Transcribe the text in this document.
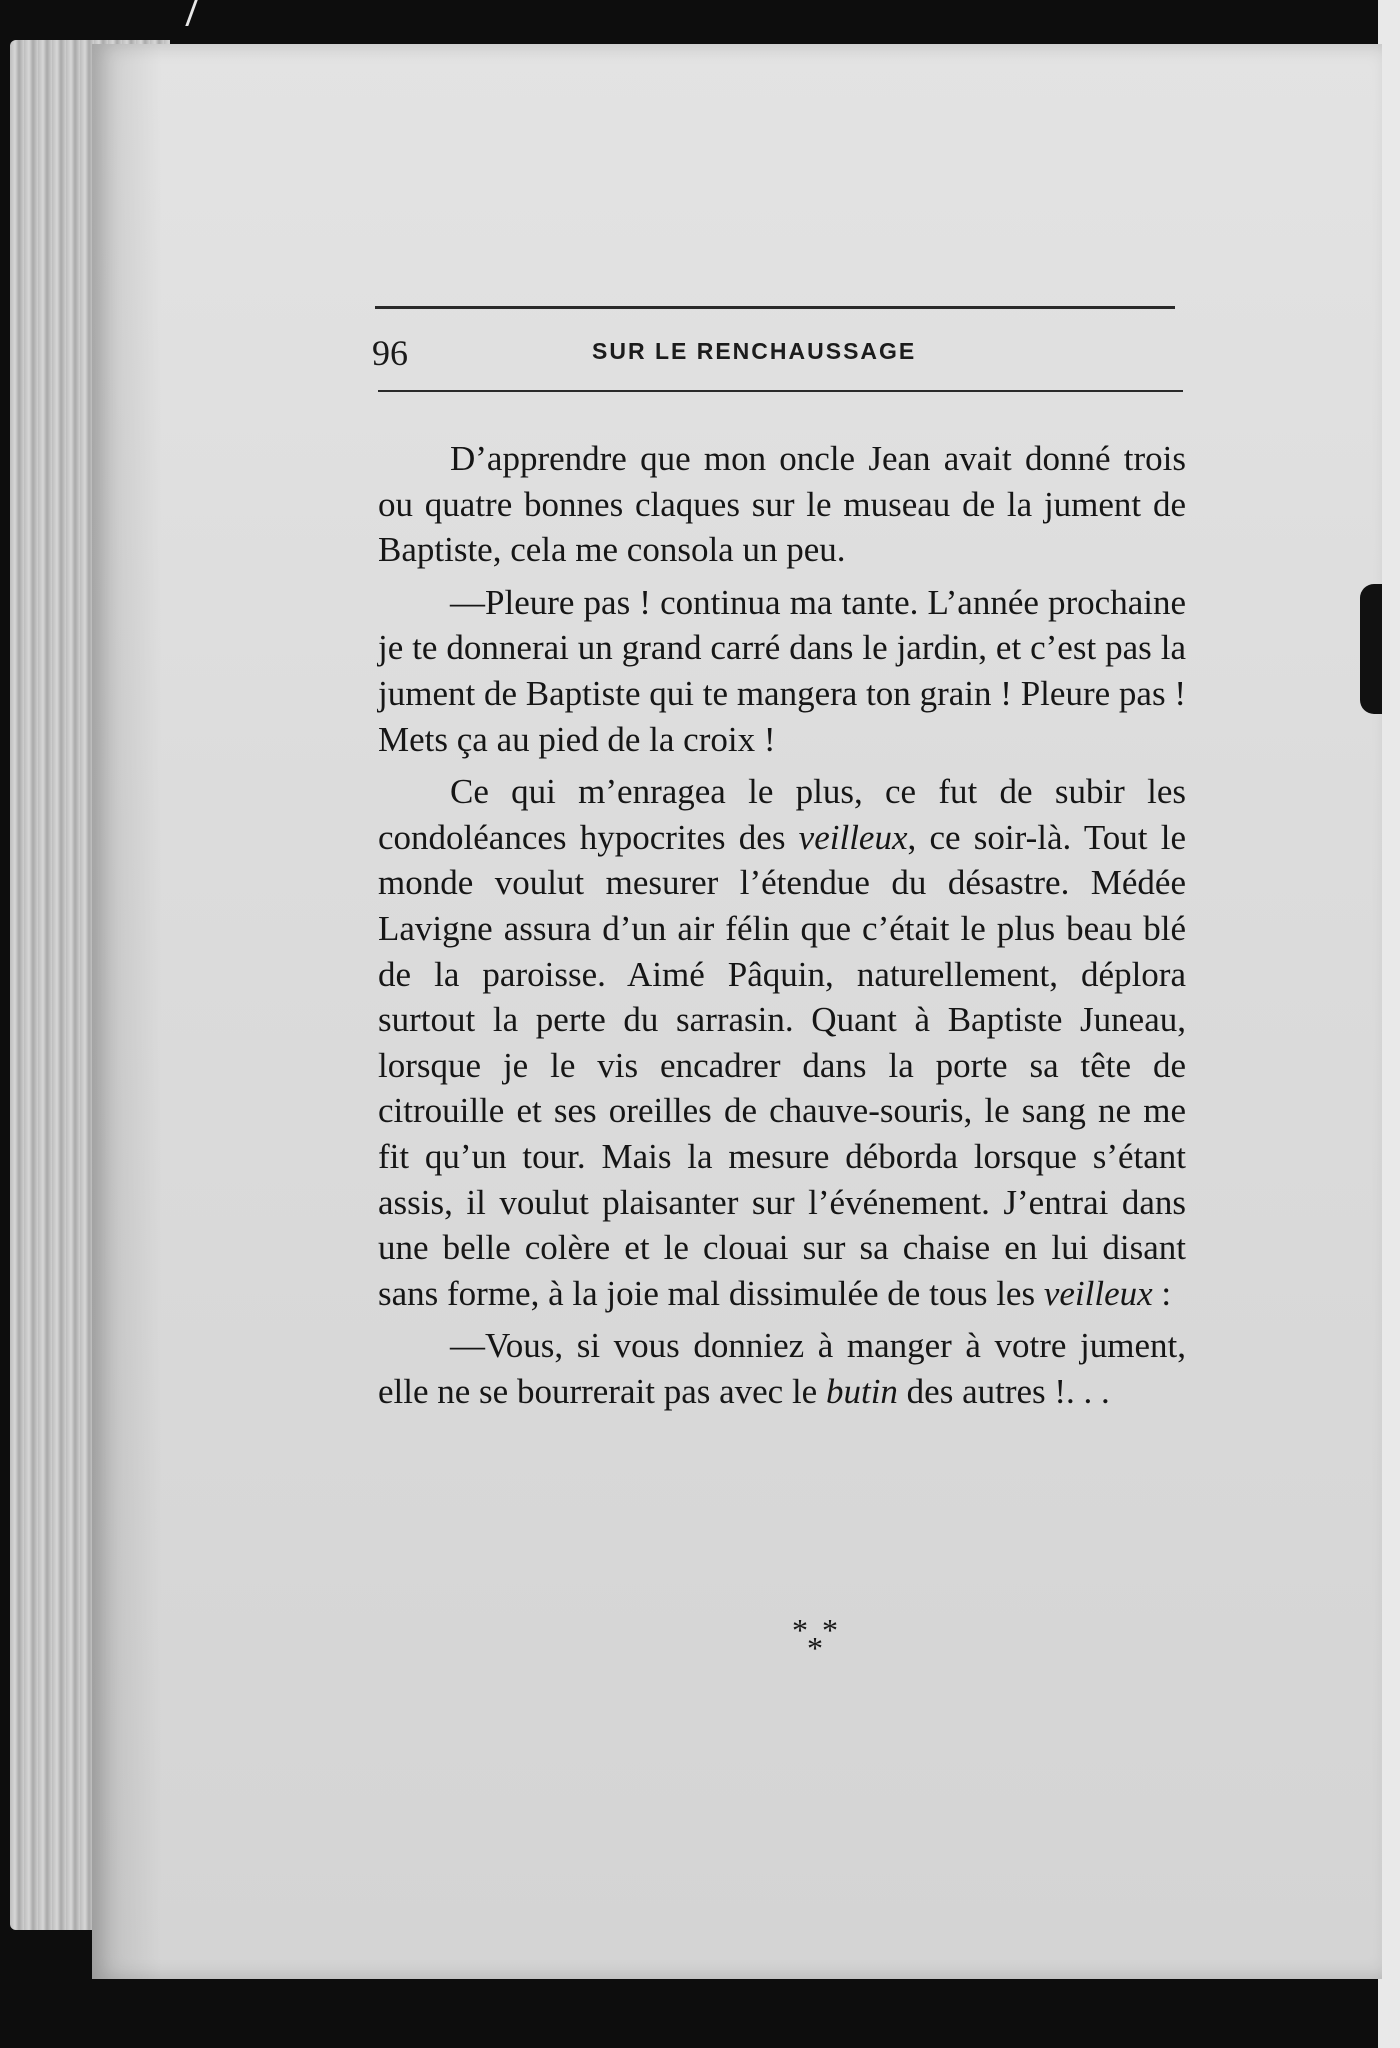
96	SUR LE RENCHAUSSAGE

D’apprendre que mon oncle Jean avait donné trois ou quatre bonnes claques sur le museau de la jument de Baptiste, cela me consola un peu.

—Pleure pas ! continua ma tante. L’année prochaine je te donnerai un grand carré dans le jardin, et c’est pas la jument de Baptiste qui te mangera ton grain ! Pleure pas ! Mets ça au pied de la croix !

Ce qui m’enragea le plus, ce fut de subir les condoléances hypocrites des veilleux, ce soir-là. Tout le monde voulut mesurer l’étendue du désastre. Médée Lavigne assura d’un air félin que c’était le plus beau blé de la paroisse. Aimé Pâquin, naturellement, déplora surtout la perte du sarrasin. Quant à Baptiste Juneau, lorsque je le vis encadrer dans la porte sa tête de citrouille et ses oreilles de chauve-souris, le sang ne me fit qu’un tour. Mais la mesure déborda lorsque s’étant assis, il voulut plaisanter sur l’événement. J’entrai dans une belle colère et le clouai sur sa chaise en lui disant sans forme, à la joie mal dissimulée de tous les veilleux :

—Vous, si vous donniez à manger à votre jument, elle ne se bourrerait pas avec le butin des autres !. . .

* *
*
